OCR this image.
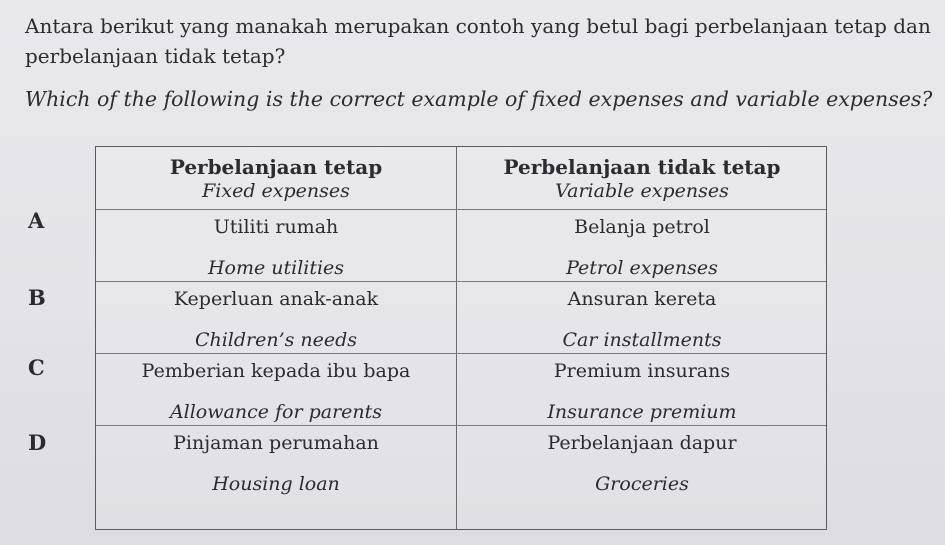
Antara berikut yang manakah merupakan contoh yang betul bagi perbelanjaan tetap dan
perbelanjaan tidak tetap?
Which of the following is the correct example of fixed expenses and variable expenses?
A
B
C
D
Perbelanjaan tetap
Fixed expenses
Perbelanjaan tidak tetap
Variable expenses
Utiliti rumah
Home utilities
Belanja petrol
Petrol expenses
Keperluan anak-anak
Children’s needs
Ansuran kereta
Car installments
Pemberian kepada ibu bapa
Allowance for parents
Premium insurans
Insurance premium
Pinjaman perumahan
Housing loan
Perbelanjaan dapur
Groceries
